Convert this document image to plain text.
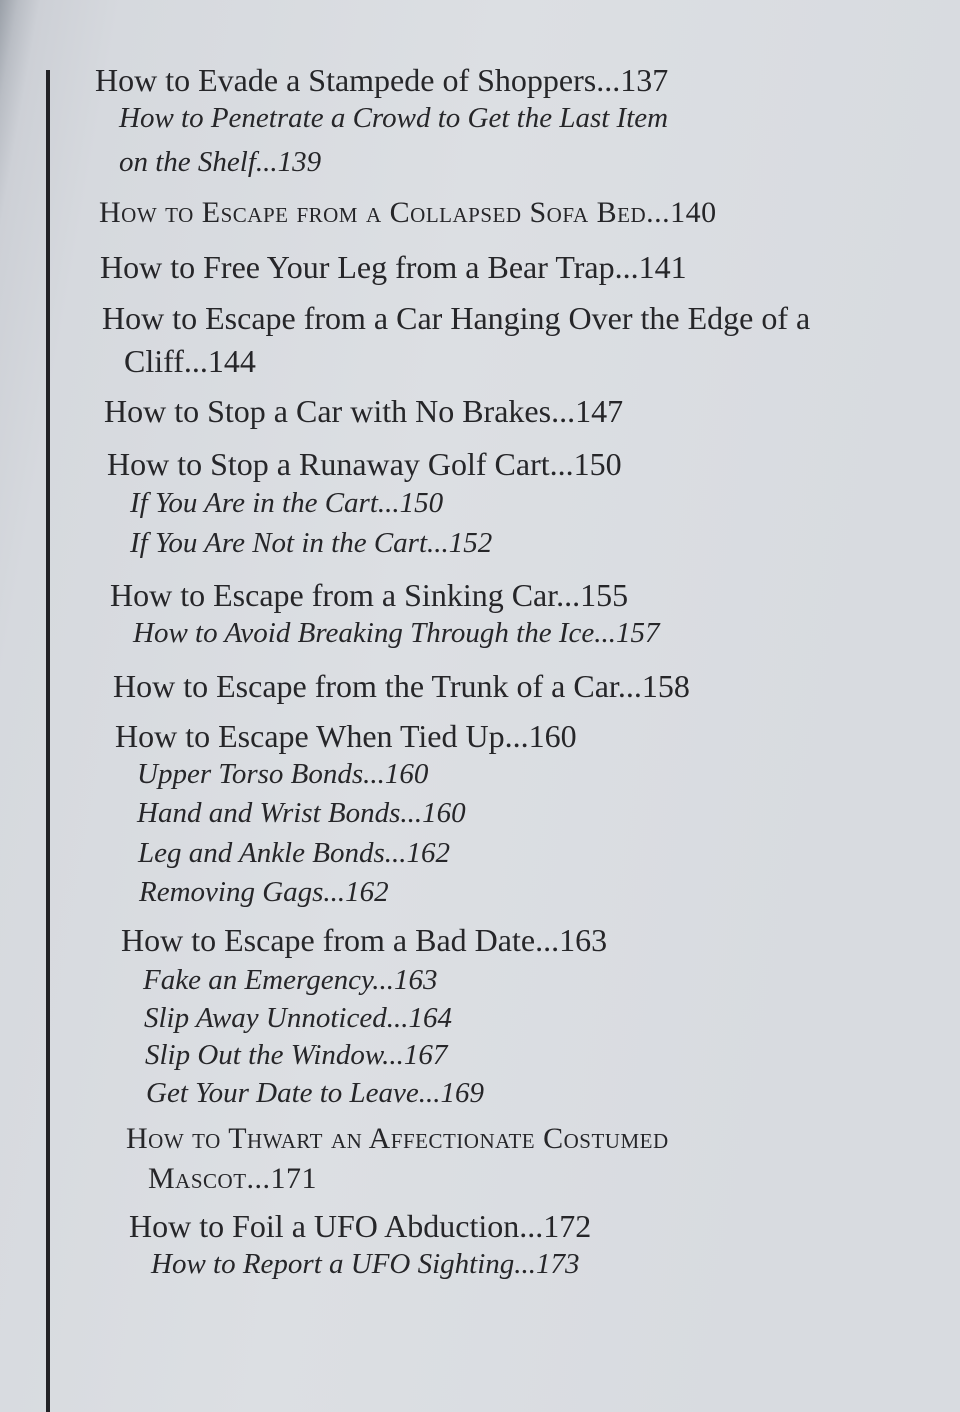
How to Evade a Stampede of Shoppers...137
How to Penetrate a Crowd to Get the Last Item
on the Shelf...139
How to Escape from a Collapsed Sofa Bed...140
How to Free Your Leg from a Bear Trap...141
How to Escape from a Car Hanging Over the Edge of a
Cliff...144
How to Stop a Car with No Brakes...147
How to Stop a Runaway Golf Cart...150
If You Are in the Cart...150
If You Are Not in the Cart...152
How to Escape from a Sinking Car...155
How to Avoid Breaking Through the Ice...157
How to Escape from the Trunk of a Car...158
How to Escape When Tied Up...160
Upper Torso Bonds...160
Hand and Wrist Bonds...160
Leg and Ankle Bonds...162
Removing Gags...162
How to Escape from a Bad Date...163
Fake an Emergency...163
Slip Away Unnoticed...164
Slip Out the Window...167
Get Your Date to Leave...169
How to Thwart an Affectionate Costumed
Mascot...171
How to Foil a UFO Abduction...172
How to Report a UFO Sighting...173
